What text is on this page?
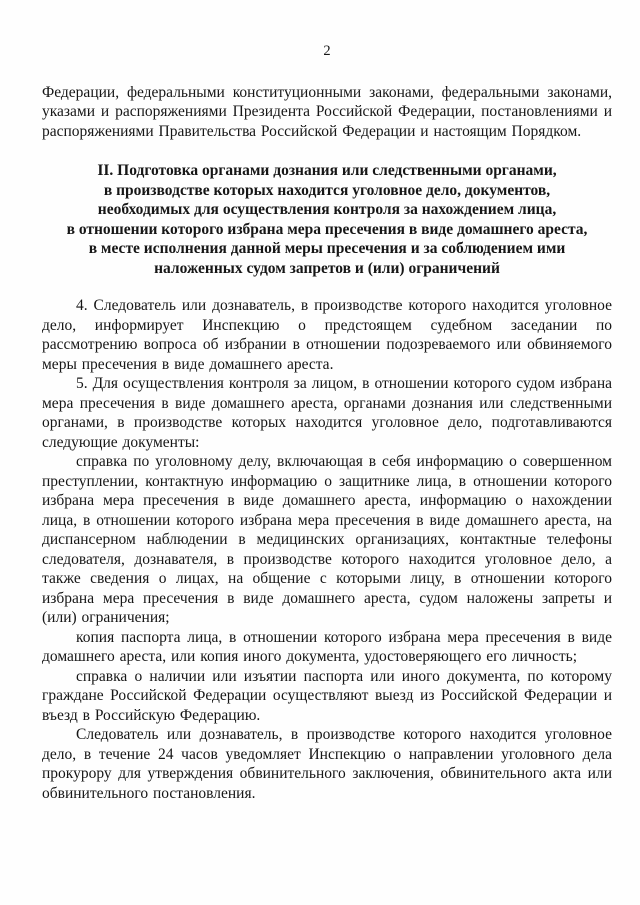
2

Федерации, федеральными конституционными законами, федеральными законами, указами и распоряжениями Президента Российской Федерации, постановлениями и распоряжениями Правительства Российской Федерации и настоящим Порядком.

II. Подготовка органами дознания или следственными органами,
в производстве которых находится уголовное дело, документов,
необходимых для осуществления контроля за нахождением лица,
в отношении которого избрана мера пресечения в виде домашнего ареста,
в месте исполнения данной меры пресечения и за соблюдением ими
наложенных судом запретов и (или) ограничений

4. Следователь или дознаватель, в производстве которого находится уголовное дело, информирует Инспекцию о предстоящем судебном заседании по рассмотрению вопроса об избрании в отношении подозреваемого или обвиняемого меры пресечения в виде домашнего ареста.

5. Для осуществления контроля за лицом, в отношении которого судом избрана мера пресечения в виде домашнего ареста, органами дознания или следственными органами, в производстве которых находится уголовное дело, подготавливаются следующие документы:

справка по уголовному делу, включающая в себя информацию о совершенном преступлении, контактную информацию о защитнике лица, в отношении которого избрана мера пресечения в виде домашнего ареста, информацию о нахождении лица, в отношении которого избрана мера пресечения в виде домашнего ареста, на диспансерном наблюдении в медицинских организациях, контактные телефоны следователя, дознавателя, в производстве которого находится уголовное дело, а также сведения о лицах, на общение с которыми лицу, в отношении которого избрана мера пресечения в виде домашнего ареста, судом наложены запреты и (или) ограничения;

копия паспорта лица, в отношении которого избрана мера пресечения в виде домашнего ареста, или копия иного документа, удостоверяющего его личность;

справка о наличии или изъятии паспорта или иного документа, по которому граждане Российской Федерации осуществляют выезд из Российской Федерации и въезд в Российскую Федерацию.

Следователь или дознаватель, в производстве которого находится уголовное дело, в течение 24 часов уведомляет Инспекцию о направлении уголовного дела прокурору для утверждения обвинительного заключения, обвинительного акта или обвинительного постановления.
